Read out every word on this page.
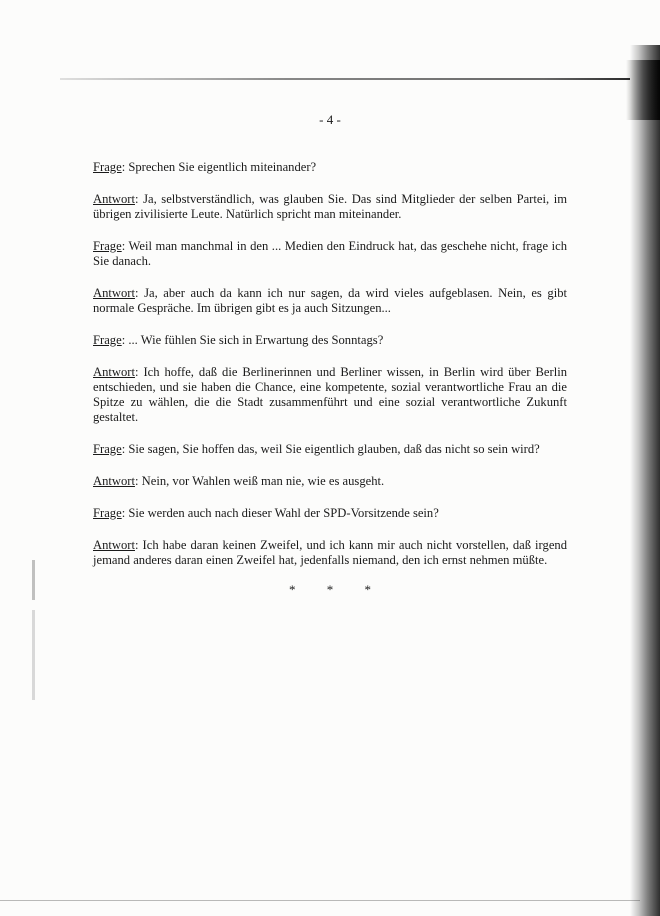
- 4 -

Frage: Sprechen Sie eigentlich miteinander?

Antwort: Ja, selbstverständlich, was glauben Sie. Das sind Mitglieder der selben Partei, im übrigen zivilisierte Leute. Natürlich spricht man miteinander.

Frage: Weil man manchmal in den ... Medien den Eindruck hat, das geschehe nicht, frage ich Sie danach.

Antwort: Ja, aber auch da kann ich nur sagen, da wird vieles aufgeblasen. Nein, es gibt normale Gespräche. Im übrigen gibt es ja auch Sitzungen...

Frage: ... Wie fühlen Sie sich in Erwartung des Sonntags?

Antwort: Ich hoffe, daß die Berlinerinnen und Berliner wissen, in Berlin wird über Berlin entschieden, und sie haben die Chance, eine kompetente, sozial verantwortliche Frau an die Spitze zu wählen, die die Stadt zusammenführt und eine sozial verantwortliche Zukunft gestaltet.

Frage: Sie sagen, Sie hoffen das, weil Sie eigentlich glauben, daß das nicht so sein wird?

Antwort: Nein, vor Wahlen weiß man nie, wie es ausgeht.

Frage: Sie werden auch nach dieser Wahl der SPD-Vorsitzende sein?

Antwort: Ich habe daran keinen Zweifel, und ich kann mir auch nicht vorstellen, daß irgend jemand anderes daran einen Zweifel hat, jedenfalls niemand, den ich ernst nehmen müßte.

* * *
